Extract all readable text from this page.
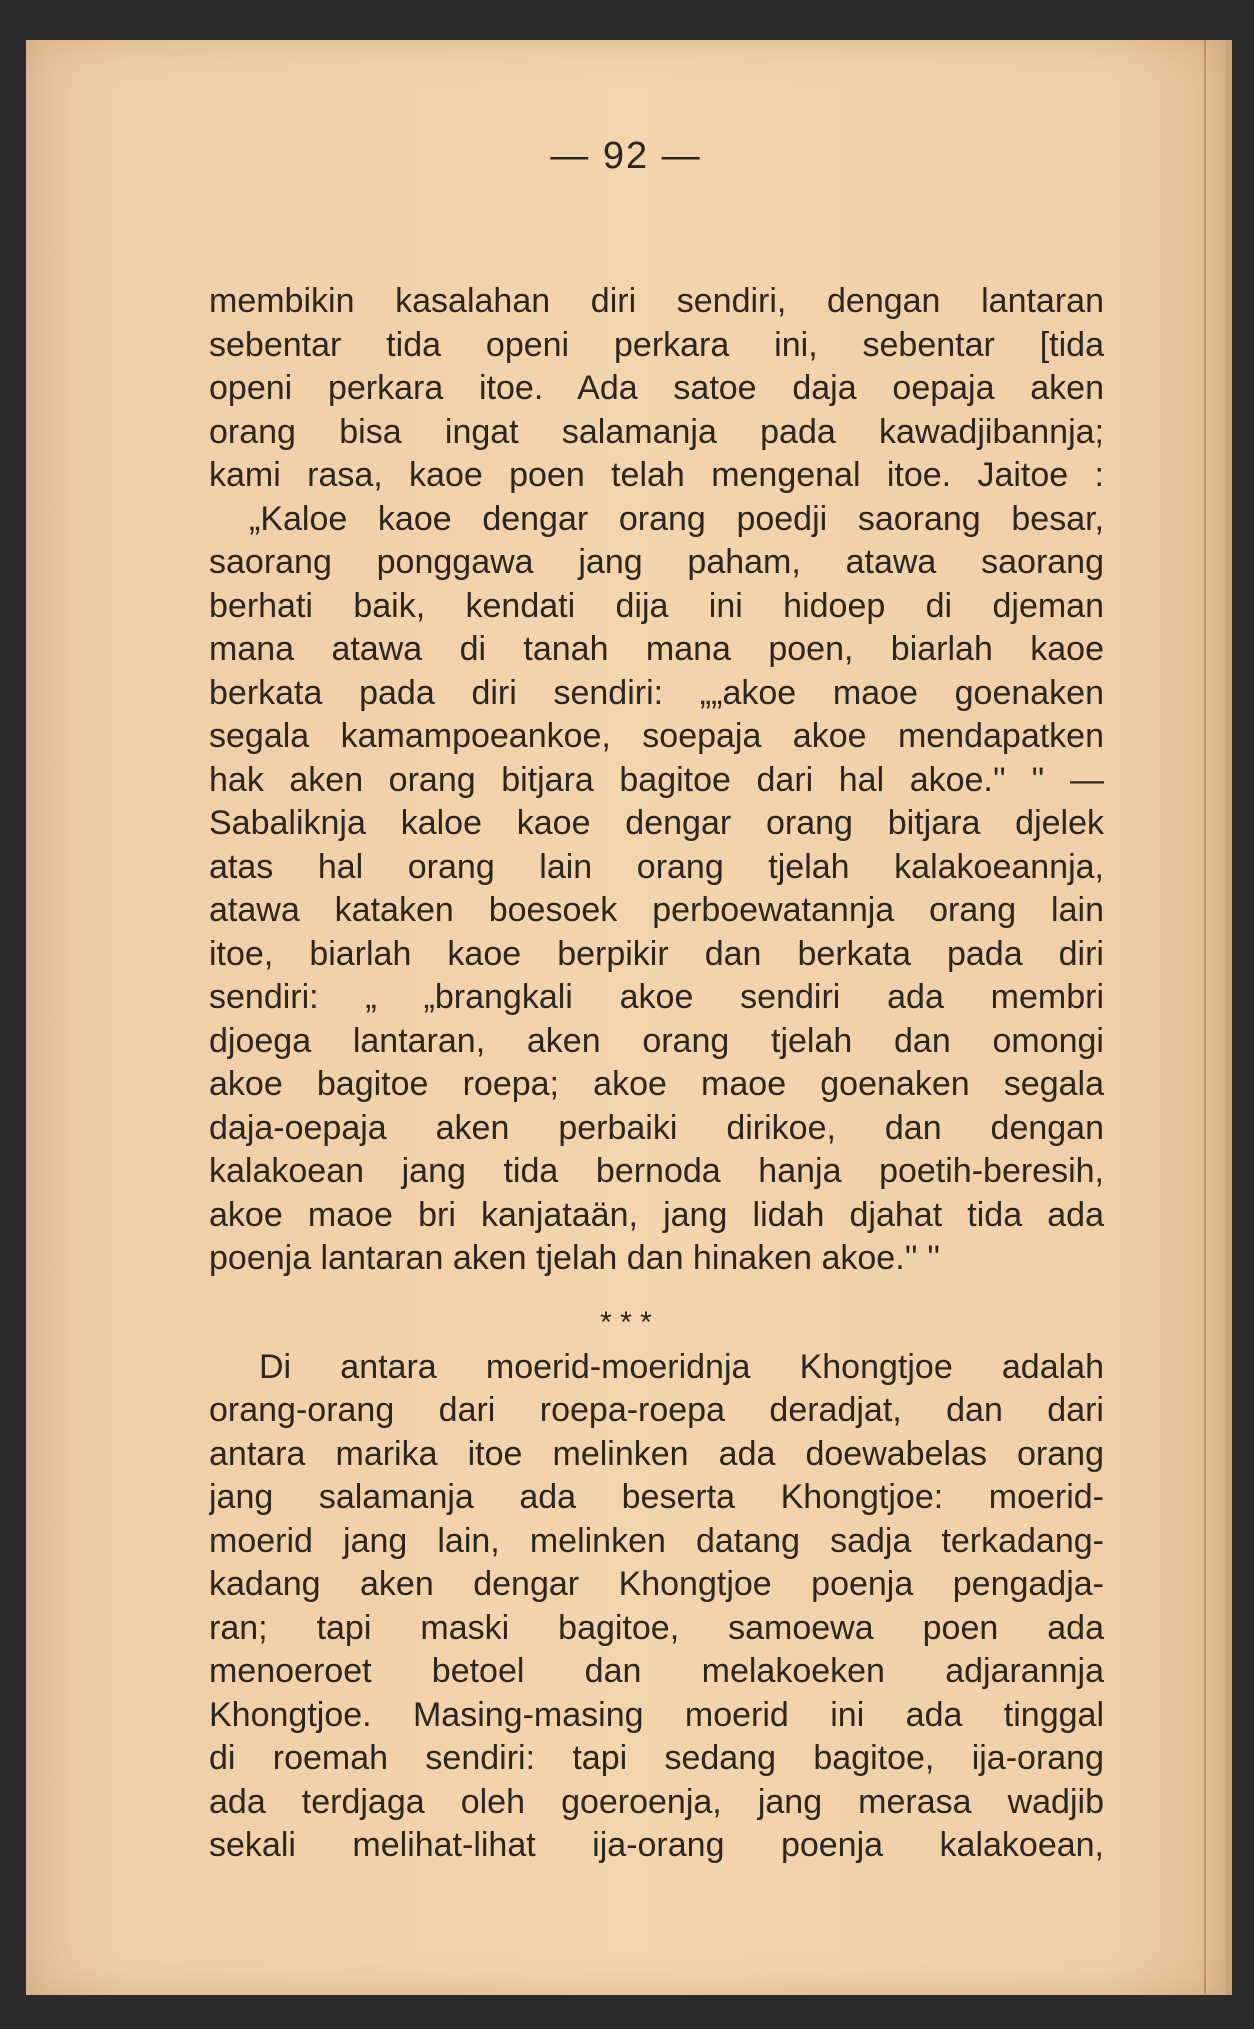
— 92 —
membikin kasalahan diri sendiri, dengan lantaran
sebentar tida openi perkara ini, sebentar [tida
openi perkara itoe. Ada satoe daja oepaja aken
orang bisa ingat salamanja pada kawadjibannja;
kami rasa, kaoe poen telah mengenal itoe. Jaitoe :
„Kaloe kaoe dengar orang poedji saorang besar,
saorang ponggawa jang paham, atawa saorang
berhati baik, kendati dija ini hidoep di djeman
mana atawa di tanah mana poen, biarlah kaoe
berkata pada diri sendiri: „„akoe maoe goenaken
segala kamampoeankoe, soepaja akoe mendapatken
hak aken orang bitjara bagitoe dari hal akoe.'' '' —
Sabaliknja kaloe kaoe dengar orang bitjara djelek
atas hal orang lain orang tjelah kalakoeannja,
atawa kataken boesoek perboewatannja orang lain
itoe, biarlah kaoe berpikir dan berkata pada diri
sendiri: „ „brangkali akoe sendiri ada membri
djoega lantaran, aken orang tjelah dan omongi
akoe bagitoe roepa; akoe maoe goenaken segala
daja-oepaja aken perbaiki dirikoe, dan dengan
kalakoean jang tida bernoda hanja poetih-beresih,
akoe maoe bri kanjataän, jang lidah djahat tida ada
poenja lantaran aken tjelah dan hinaken akoe.'' ''
Di antara moerid-moeridnja Khongtjoe adalah
orang-orang dari roepa-roepa deradjat, dan dari
antara marika itoe melinken ada doewabelas orang
jang salamanja ada beserta Khongtjoe: moerid-
moerid jang lain, melinken datang sadja terkadang-
kadang aken dengar Khongtjoe poenja pengadja-
ran; tapi maski bagitoe, samoewa poen ada
menoeroet betoel dan melakoeken adjarannja
Khongtjoe. Masing-masing moerid ini ada tinggal
di roemah sendiri: tapi sedang bagitoe, ija-orang
ada terdjaga oleh goeroenja, jang merasa wadjib
sekali melihat-lihat ija-orang poenja kalakoean,
* * *
